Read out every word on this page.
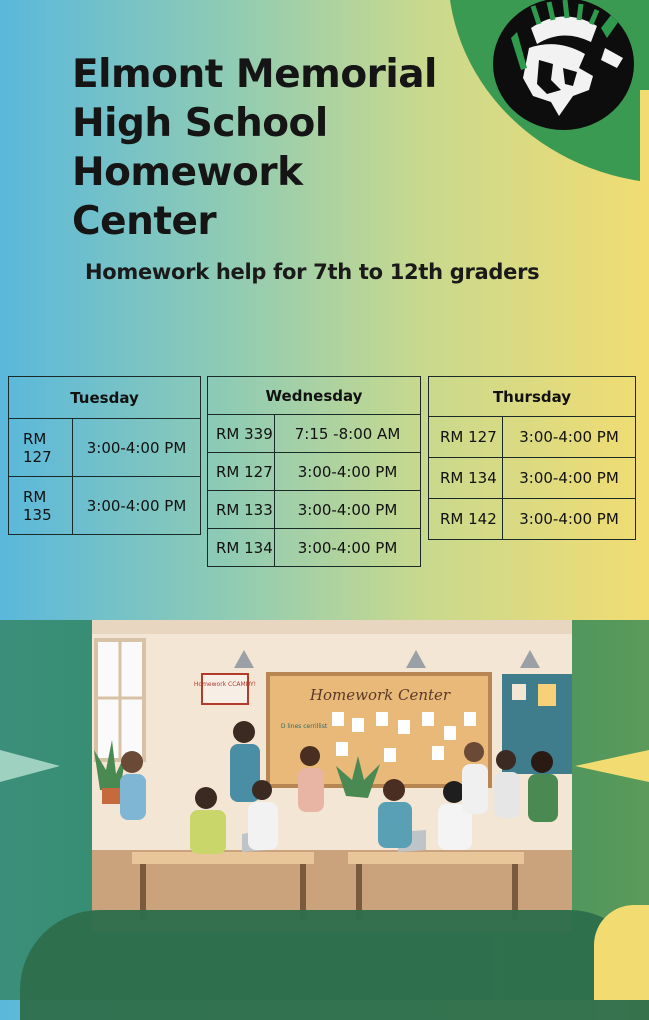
Elmont Memorial
High School
Homework
Center
Homework help for 7th to 12th graders
Tuesday	
RM 127	3:00-4:00 PM
RM 135	3:00-4:00 PM
Wednesday	
RM 339	7:15 -8:00 AM
RM 127	3:00-4:00 PM
RM 133	3:00-4:00 PM
RM 134	3:00-4:00 PM
Thursday	
RM 127	3:00-4:00 PM
RM 134	3:00-4:00 PM
RM 142	3:00-4:00 PM
Homework CCAMDY!
Homework Center
D lines cerrillist
